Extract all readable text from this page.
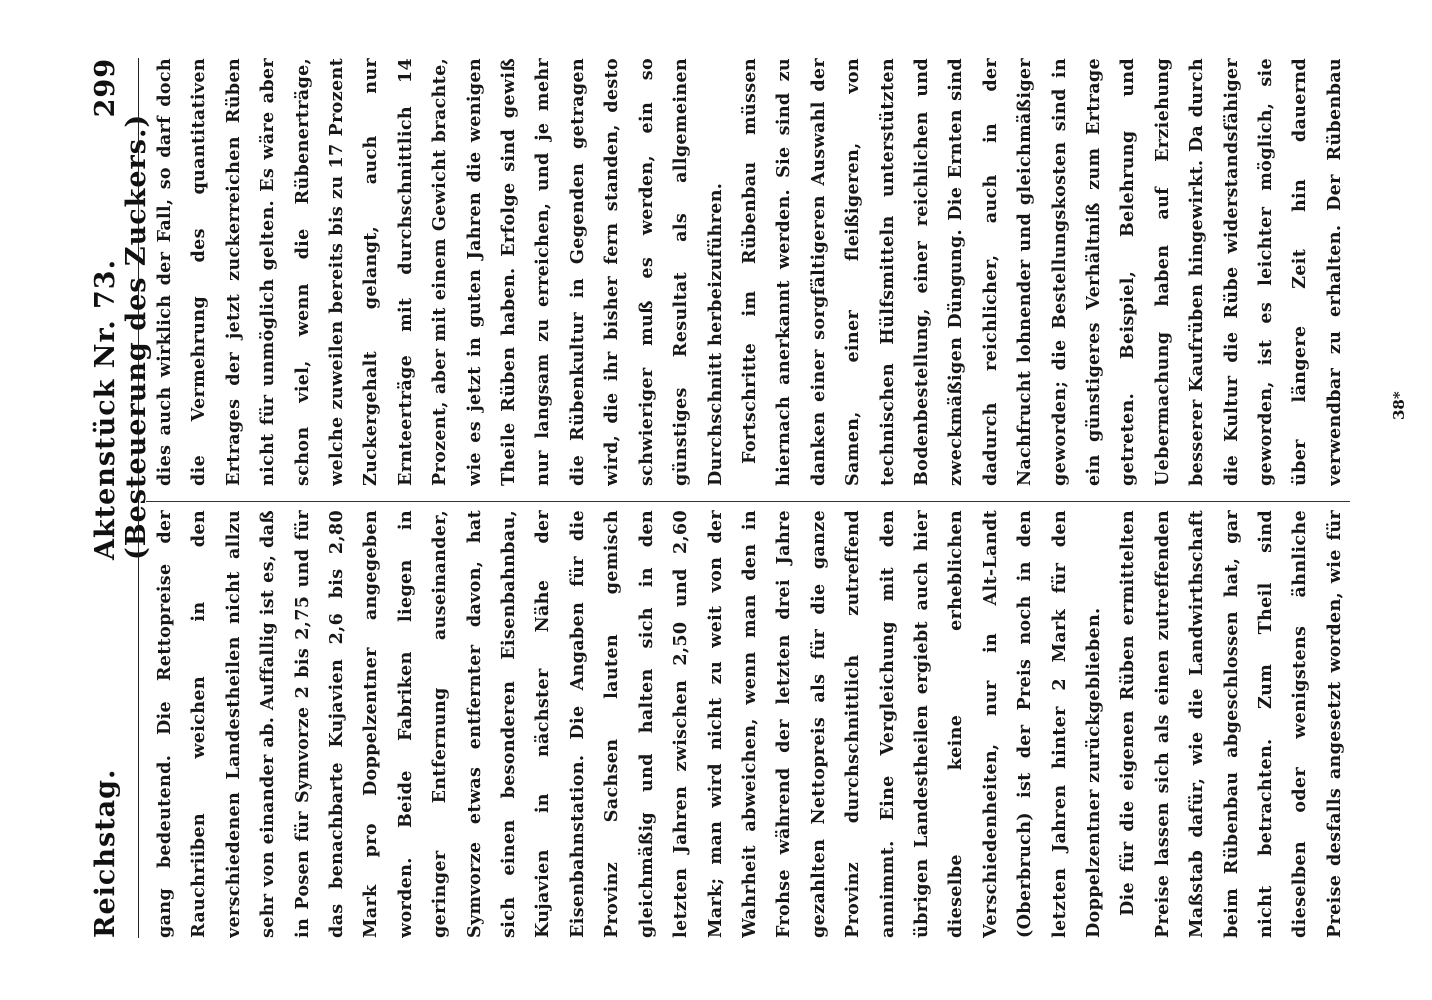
Reichstag.
Aktenstück Nr. 73.     (Besteuerung des Zuckers.)
299

gang bedeutend. Die Rettopreise der Rauchriiben weichen in den verschiedenen Landestheilen nicht allzu sehr von einander ab. Auffallig ist es, daß in Posen für Symvorze 2 bis 2,75 und für das benachbarte Kujavien 2,6 bis 2,80 Mark pro Doppelzentner angegeben worden. Beide Fabriken liegen in geringer Entfernung auseinander, Symvorze etwas entfernter davon, hat sich einen besonderen Eisenbahnbau, Kujavien in nächster Nähe der Eisenbahnstation. Die Angaben für die Provinz Sachsen lauten gemisch gleichmäßig und halten sich in den letzten Jahren zwischen 2,50 und 2,60 Mark; man wird nicht zu weit von der Wahrheit abweichen, wenn man den in Frohse während der letzten drei Jahre gezahlten Nettopreis als für die ganze Provinz durchschnittlich zutreffend annimmt. Eine Vergleichung mit den übrigen Landestheilen ergiebt auch hier dieselbe keine erheblichen Verschiedenheiten, nur in Alt-Landt (Oberbruch) ist der Preis noch in den letzten Jahren hinter 2 Mark für den Doppelzentner zurückgeblieben. Die für die eigenen Rüben ermittelten Preise lassen sich als einen zutreffenden Maßstab dafür, wie die Landwirthschaft beim Rübenbau abgeschlossen hat, gar nicht betrachten. Zum Theil sind dieselben oder wenigstens ähnliche Preise desfalls angesetzt worden, wie für

dies auch wirklich der Fall, so darf doch die Vermehrung des quantitativen Ertrages der jetzt zuckerreichen Rüben nicht für unmöglich gelten. Es wäre aber schon viel, wenn die Rübenerträge, welche zuweilen bereits bis zu 17 Prozent Zuckergehalt gelangt, auch nur Ernteerträge mit durchschnittlich 14 Prozent, aber mit einem Gewicht brachte, wie es jetzt in guten Jahren die wenigen Theile Rüben haben. Erfolge sind gewiß nur langsam zu erreichen, und je mehr die Rübenkultur in Gegenden getragen wird, die ihr bisher fern standen, desto schwieriger muß es werden, ein so günstiges Resultat als allgemeinen Durchschnitt herbeizuführen. Fortschritte im Rübenbau müssen hiernach anerkannt werden. Sie sind zu danken einer sorgfältigeren Auswahl der Samen, einer fleißigeren, von technischen Hülfsmitteln unterstützten Bodenbestellung, einer reichlichen und zweckmäßigen Düngung. Die Ernten sind dadurch reichlicher, auch in der Nachfrucht lohnender und gleichmäßiger geworden; die Bestellungskosten sind in ein günstigeres Verhältniß zum Ertrage getreten. Beispiel, Belehrung und Uebermachung haben auf Erziehung besserer Kaufrüben hingewirkt. Da durch die Kultur die Rübe widerstandsfähiger geworden, ist es leichter möglich, sie über längere Zeit hin dauernd verwendbar zu erhalten. Der Rübenbau

38*
